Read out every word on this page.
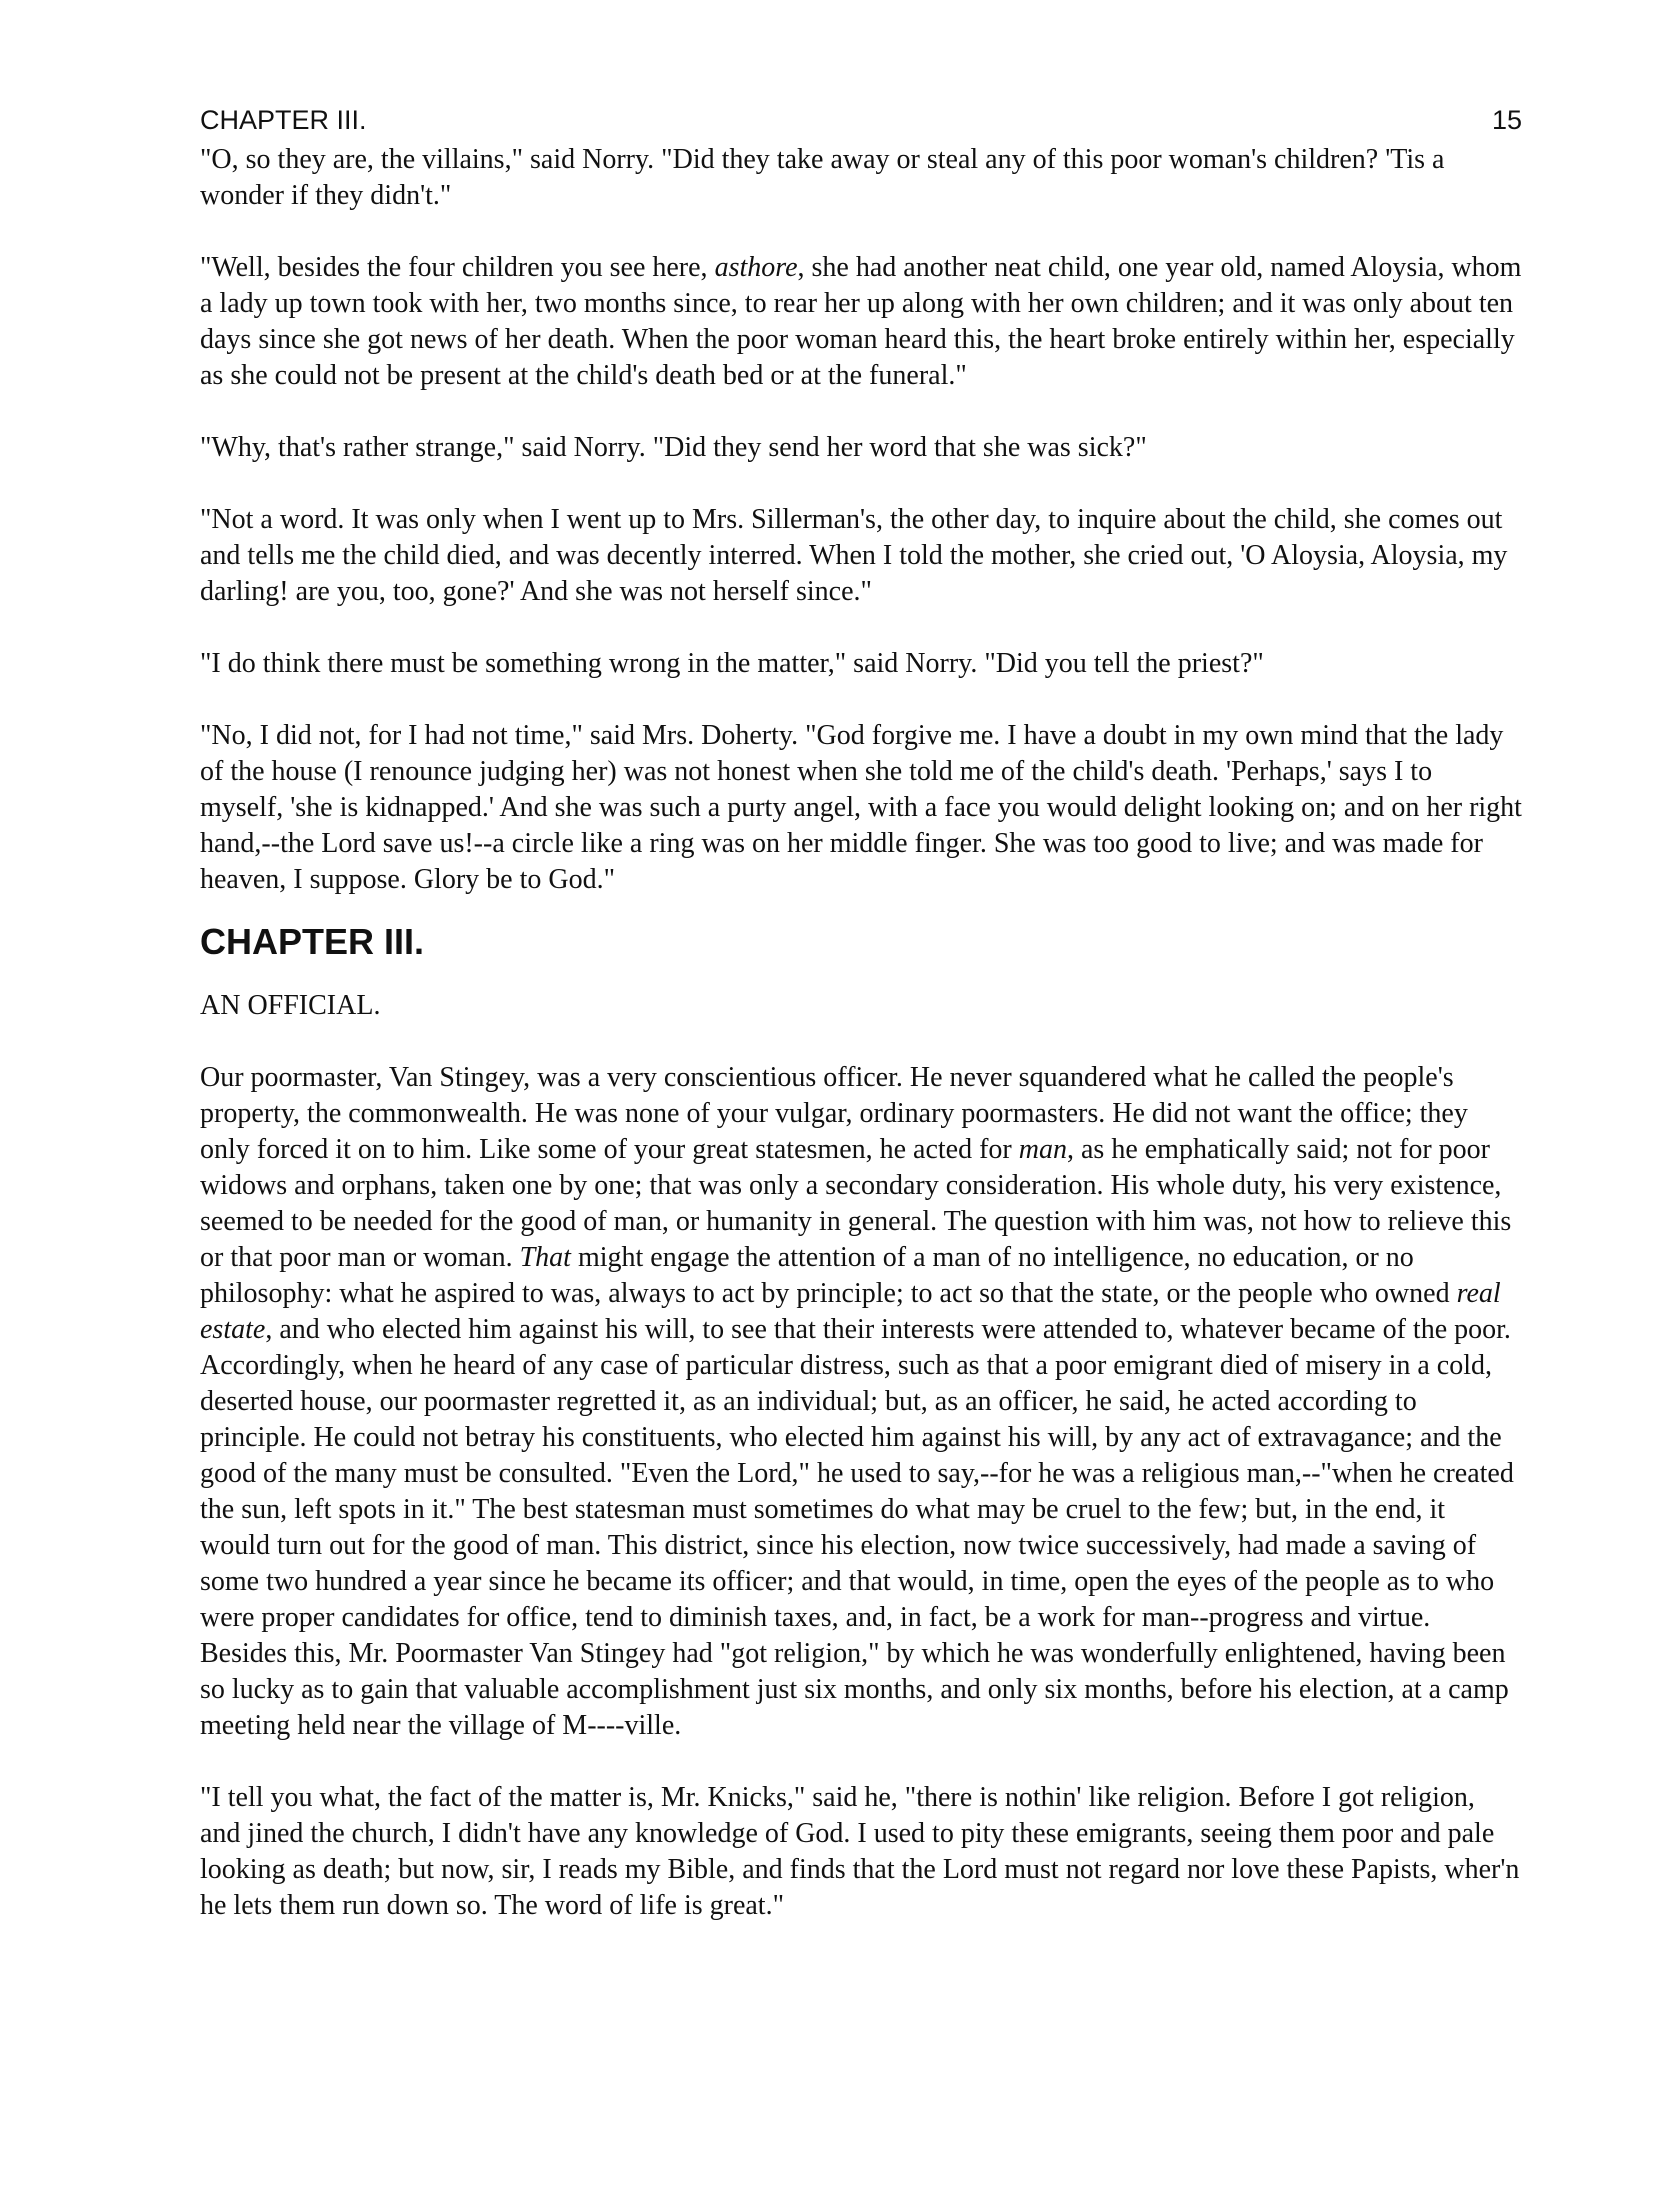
CHAPTER III.	15

"O, so they are, the villains," said Norry. "Did they take away or steal any of this poor woman's children? 'Tis a wonder if they didn't."

"Well, besides the four children you see here, asthore, she had another neat child, one year old, named Aloysia, whom a lady up town took with her, two months since, to rear her up along with her own children; and it was only about ten days since she got news of her death. When the poor woman heard this, the heart broke entirely within her, especially as she could not be present at the child's death bed or at the funeral."

"Why, that's rather strange," said Norry. "Did they send her word that she was sick?"

"Not a word. It was only when I went up to Mrs. Sillerman's, the other day, to inquire about the child, she comes out and tells me the child died, and was decently interred. When I told the mother, she cried out, 'O Aloysia, Aloysia, my darling! are you, too, gone?' And she was not herself since."

"I do think there must be something wrong in the matter," said Norry. "Did you tell the priest?"

"No, I did not, for I had not time," said Mrs. Doherty. "God forgive me. I have a doubt in my own mind that the lady of the house (I renounce judging her) was not honest when she told me of the child's death. 'Perhaps,' says I to myself, 'she is kidnapped.' And she was such a purty angel, with a face you would delight looking on; and on her right hand,--the Lord save us!--a circle like a ring was on her middle finger. She was too good to live; and was made for heaven, I suppose. Glory be to God."

CHAPTER III.

AN OFFICIAL.

Our poormaster, Van Stingey, was a very conscientious officer. He never squandered what he called the people's property, the commonwealth. He was none of your vulgar, ordinary poormasters. He did not want the office; they only forced it on to him. Like some of your great statesmen, he acted for man, as he emphatically said; not for poor widows and orphans, taken one by one; that was only a secondary consideration. His whole duty, his very existence, seemed to be needed for the good of man, or humanity in general. The question with him was, not how to relieve this or that poor man or woman. That might engage the attention of a man of no intelligence, no education, or no philosophy: what he aspired to was, always to act by principle; to act so that the state, or the people who owned real estate, and who elected him against his will, to see that their interests were attended to, whatever became of the poor. Accordingly, when he heard of any case of particular distress, such as that a poor emigrant died of misery in a cold, deserted house, our poormaster regretted it, as an individual; but, as an officer, he said, he acted according to principle. He could not betray his constituents, who elected him against his will, by any act of extravagance; and the good of the many must be consulted. "Even the Lord," he used to say,--for he was a religious man,--"when he created the sun, left spots in it." The best statesman must sometimes do what may be cruel to the few; but, in the end, it would turn out for the good of man. This district, since his election, now twice successively, had made a saving of some two hundred a year since he became its officer; and that would, in time, open the eyes of the people as to who were proper candidates for office, tend to diminish taxes, and, in fact, be a work for man--progress and virtue. Besides this, Mr. Poormaster Van Stingey had "got religion," by which he was wonderfully enlightened, having been so lucky as to gain that valuable accomplishment just six months, and only six months, before his election, at a camp meeting held near the village of M----ville.

"I tell you what, the fact of the matter is, Mr. Knicks," said he, "there is nothin' like religion. Before I got religion, and jined the church, I didn't have any knowledge of God. I used to pity these emigrants, seeing them poor and pale looking as death; but now, sir, I reads my Bible, and finds that the Lord must not regard nor love these Papists, wher'n he lets them run down so. The word of life is great."
